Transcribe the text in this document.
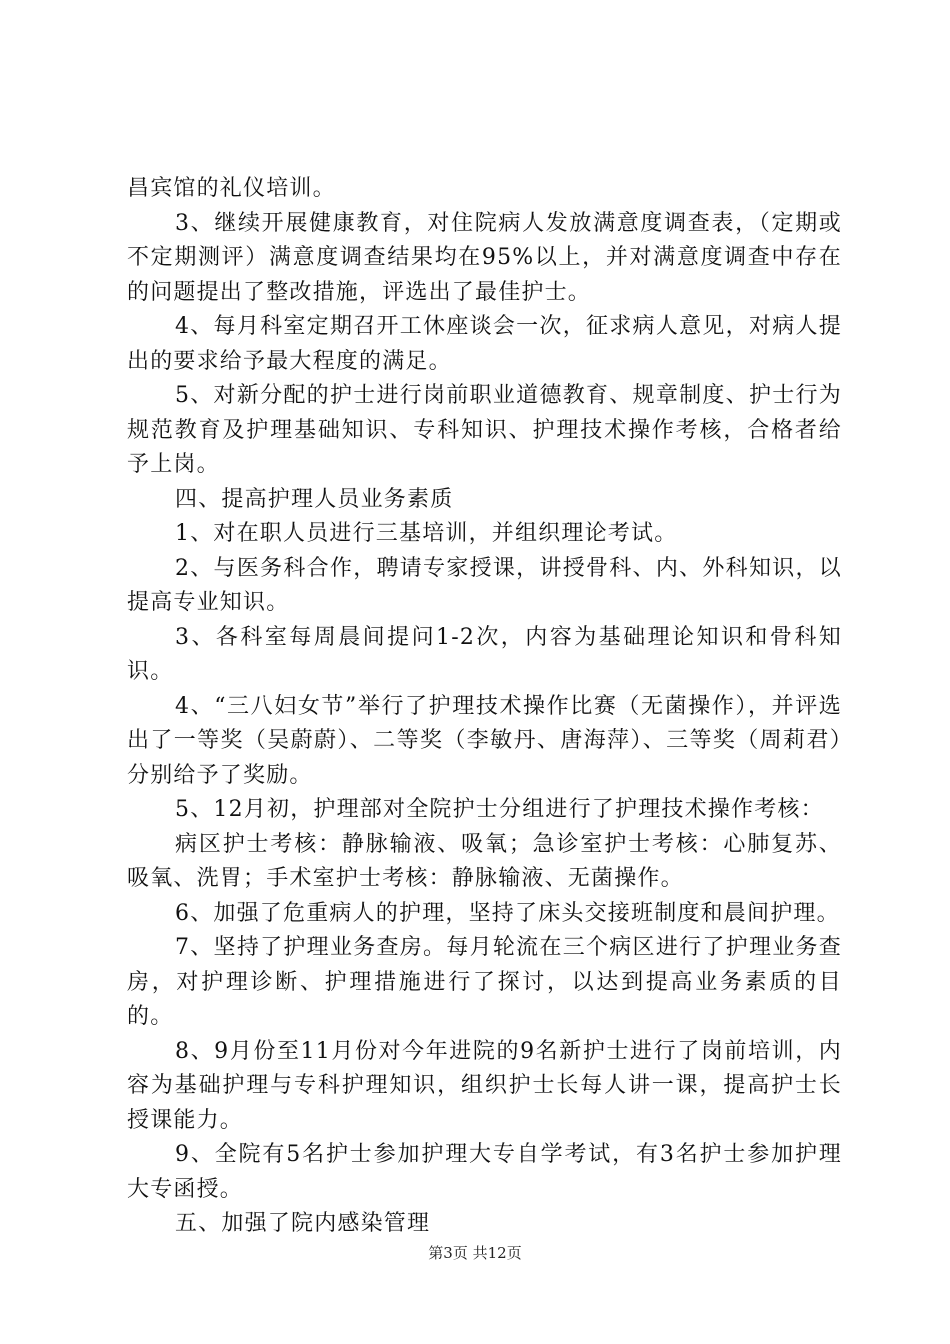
昌宾馆的礼仪培训。

3、继续开展健康教育，对住院病人发放满意度调查表，（定期或不定期测评）满意度调查结果均在95%以上，并对满意度调查中存在的问题提出了整改措施，评选出了最佳护士。

4、每月科室定期召开工休座谈会一次，征求病人意见，对病人提出的要求给予最大程度的满足。

5、对新分配的护士进行岗前职业道德教育、规章制度、护士行为规范教育及护理基础知识、专科知识、护理技术操作考核，合格者给予上岗。

四、提高护理人员业务素质

1、对在职人员进行三基培训，并组织理论考试。

2、与医务科合作，聘请专家授课，讲授骨科、内、外科知识，以提高专业知识。

3、各科室每周晨间提问1-2次，内容为基础理论知识和骨科知识。

4、“三八妇女节”举行了护理技术操作比赛（无菌操作），并评选出了一等奖（吴蔚蔚）、二等奖（李敏丹、唐海萍）、三等奖（周莉君）分别给予了奖励。

5、12月初，护理部对全院护士分组进行了护理技术操作考核：

病区护士考核：静脉输液、吸氧；急诊室护士考核：心肺复苏、吸氧、洗胃；手术室护士考核：静脉输液、无菌操作。

6、加强了危重病人的护理，坚持了床头交接班制度和晨间护理。

7、坚持了护理业务查房。每月轮流在三个病区进行了护理业务查房，对护理诊断、护理措施进行了探讨，以达到提高业务素质的目的。

8、9月份至11月份对今年进院的9名新护士进行了岗前培训，内容为基础护理与专科护理知识，组织护士长每人讲一课，提高护士长授课能力。

9、全院有5名护士参加护理大专自学考试，有3名护士参加护理大专函授。

五、加强了院内感染管理

第3页 共12页
